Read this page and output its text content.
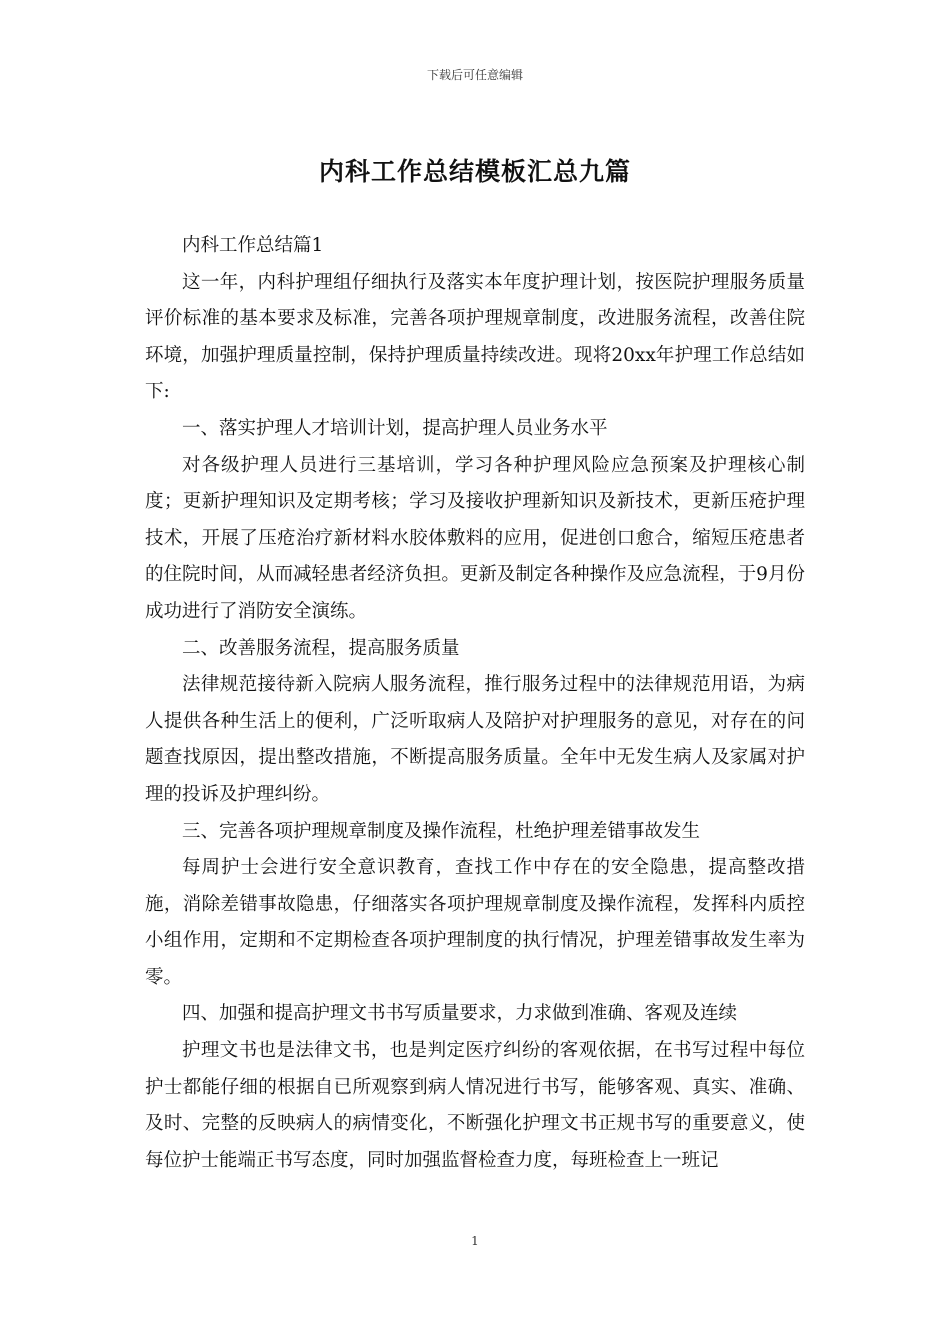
下载后可任意编辑
内科工作总结模板汇总九篇

内科工作总结篇1

这一年，内科护理组仔细执行及落实本年度护理计划，按医院护理服务质量评价标准的基本要求及标准，完善各项护理规章制度，改进服务流程，改善住院环境，加强护理质量控制，保持护理质量持续改进。现将20xx年护理工作总结如下:

一、落实护理人才培训计划，提高护理人员业务水平

对各级护理人员进行三基培训，学习各种护理风险应急预案及护理核心制度；更新护理知识及定期考核；学习及接收护理新知识及新技术，更新压疮护理技术，开展了压疮治疗新材料水胶体敷料的应用，促进创口愈合，缩短压疮患者的住院时间，从而减轻患者经济负担。更新及制定各种操作及应急流程，于9月份成功进行了消防安全演练。

二、改善服务流程，提高服务质量

法律规范接待新入院病人服务流程，推行服务过程中的法律规范用语，为病人提供各种生活上的便利，广泛听取病人及陪护对护理服务的意见，对存在的问题查找原因，提出整改措施，不断提高服务质量。全年中无发生病人及家属对护理的投诉及护理纠纷。

三、完善各项护理规章制度及操作流程，杜绝护理差错事故发生

每周护士会进行安全意识教育，查找工作中存在的安全隐患，提高整改措施，消除差错事故隐患，仔细落实各项护理规章制度及操作流程，发挥科内质控小组作用，定期和不定期检查各项护理制度的执行情况，护理差错事故发生率为零。

四、加强和提高护理文书书写质量要求，力求做到准确、客观及连续

护理文书也是法律文书，也是判定医疗纠纷的客观依据，在书写过程中每位护士都能仔细的根据自已所观察到病人情况进行书写，能够客观、真实、准确、及时、完整的反映病人的病情变化，不断强化护理文书正规书写的重要意义，使每位护士能端正书写态度，同时加强监督检查力度，每班检查上一班记

1
